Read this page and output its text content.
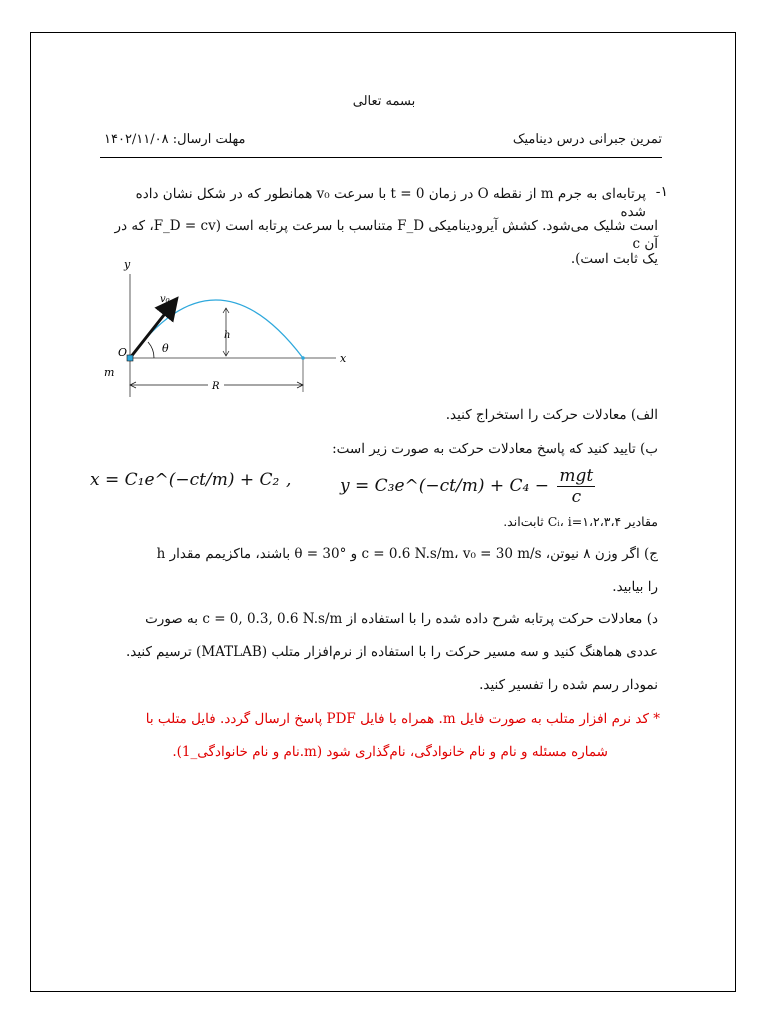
بسمه تعالی
تمرین جبرانی درس دینامیک
مهلت ارسال: ۱۴۰۲/۱۱/۰۸
۱-
پرتابه‌ای به جرم m از نقطه O در زمان t = 0 با سرعت v₀ همانطور که در شکل نشان داده شده
است شلیک می‌شود. کشش آیرودینامیکی F_D متناسب با سرعت پرتابه است (F_D = cv، که در آن c
یک ثابت است).
y
x
v₀
θ
h
R
O
m
الف) معادلات حرکت را استخراج کنید.
ب) تایید کنید که پاسخ معادلات حرکت به صورت زیر است:
x = C₁e^(−ct/m) + C₂ ,	y = C₃e^(−ct/m) + $C_4 - \frac{\text{mgt}}{c}$
مقادیر Cᵢ، i=۱،۲،۳،۴ ثابت‌اند.
ج) اگر وزن ۸ نیوتن، c = 0.6 N.s/m، v₀ = 30 m/s و θ = 30° باشند، ماکزیمم مقدار h
را بیابید.
د) معادلات حرکت پرتابه شرح داده شده را با استفاده از c = 0, 0.3, 0.6 N.s/m به صورت
عددی هماهنگ کنید و سه مسیر حرکت را با استفاده از نرم‌افزار متلب (MATLAB) ترسیم کنید.
نمودار رسم شده را تفسیر کنید.
* کد نرم افزار متلب به صورت فایل m. همراه با فایل PDF پاسخ ارسال گردد. فایل متلب با
شماره مسئله و نام و نام خانوادگی، نام‌گذاری شود (m.نام و نام خانوادگی_1).
